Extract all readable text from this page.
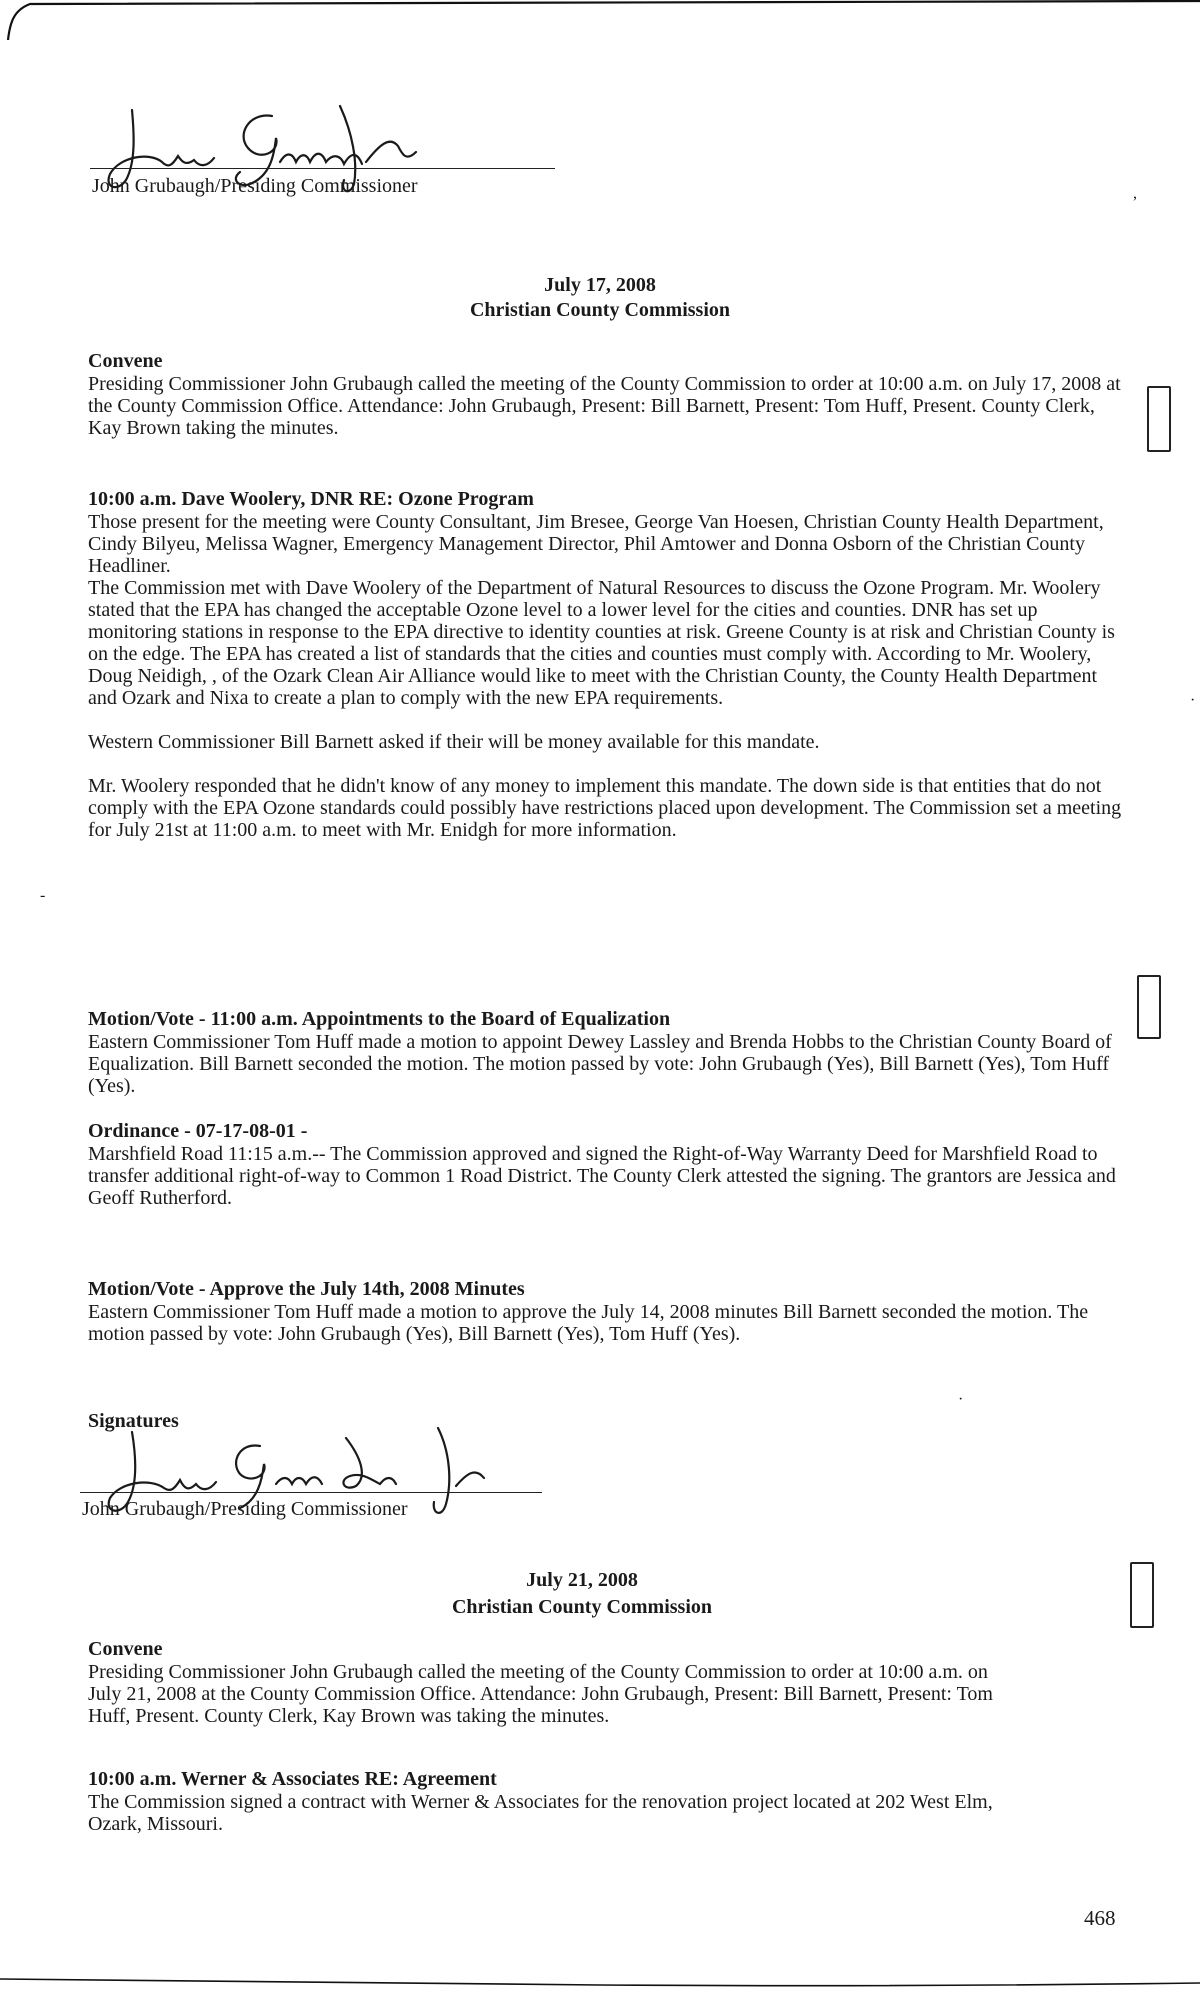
John Grubaugh/Presiding Commissioner	,
July 17, 2008
Christian County Commission
Convene

Presiding Commissioner John Grubaugh called the meeting of the County Commission to order at 10:00 a.m. on July 17, 2008 at the County Commission Office. Attendance: John Grubaugh, Present: Bill Barnett, Present: Tom Huff, Present. County Clerk, Kay Brown taking the minutes.

10:00 a.m. Dave Woolery, DNR RE: Ozone Program

Those present for the meeting were County Consultant, Jim Bresee, George Van Hoesen, Christian County Health Department, Cindy Bilyeu, Melissa Wagner, Emergency Management Director, Phil Amtower and Donna Osborn of the Christian County Headliner.

The Commission met with Dave Woolery of the Department of Natural Resources to discuss the Ozone Program. Mr. Woolery stated that the EPA has changed the acceptable Ozone level to a lower level for the cities and counties. DNR has set up monitoring stations in response to the EPA directive to identity counties at risk. Greene County is at risk and Christian County is on the edge. The EPA has created a list of standards that the cities and counties must comply with. According to Mr. Woolery, Doug Neidigh, , of the Ozark Clean Air Alliance would like to meet with the Christian County, the County Health Department and Ozark and Nixa to create a plan to comply with the new EPA requirements.

Western Commissioner Bill Barnett asked if their will be money available for this mandate.

Mr. Woolery responded that he didn't know of any money to implement this mandate. The down side is that entities that do not comply with the EPA Ozone standards could possibly have restrictions placed upon development. The Commission set a meeting for July 21st at 11:00 a.m. to meet with Mr. Enidgh for more information.

Motion/Vote - 11:00 a.m. Appointments to the Board of Equalization

Eastern Commissioner Tom Huff made a motion to appoint Dewey Lassley and Brenda Hobbs to the Christian County Board of Equalization. Bill Barnett seconded the motion. The motion passed by vote: John Grubaugh (Yes), Bill Barnett (Yes), Tom Huff (Yes).

Ordinance - 07-17-08-01 -

Marshfield Road 11:15 a.m.-- The Commission approved and signed the Right-of-Way Warranty Deed for Marshfield Road to transfer additional right-of-way to Common 1 Road District. The County Clerk attested the signing. The grantors are Jessica and Geoff Rutherford.

Motion/Vote - Approve the July 14th, 2008 Minutes

Eastern Commissioner Tom Huff made a motion to approve the July 14, 2008 minutes Bill Barnett seconded the motion. The motion passed by vote: John Grubaugh (Yes), Bill Barnett (Yes), Tom Huff (Yes).

Signatures
·
John Grubaugh/Presiding Commissioner
July 21, 2008
Christian County Commission
Convene

Presiding Commissioner John Grubaugh called the meeting of the County Commission to order at 10:00 a.m. on July 21, 2008 at the County Commission Office. Attendance: John Grubaugh, Present: Bill Barnett, Present: Tom Huff, Present. County Clerk, Kay Brown was taking the minutes.

10:00 a.m. Werner & Associates RE: Agreement

The Commission signed a contract with Werner & Associates for the renovation project located at 202 West Elm, Ozark, Missouri.

·
-
468
